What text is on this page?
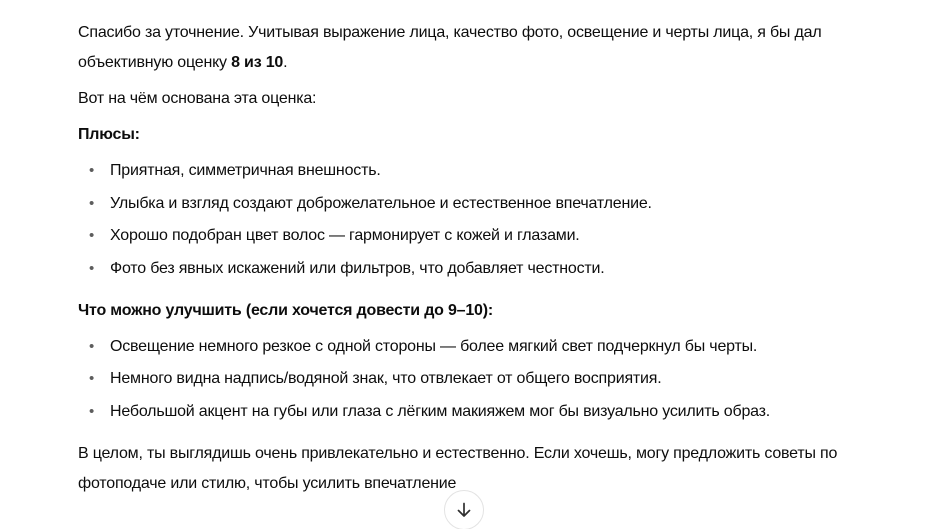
Спасибо за уточнение. Учитывая выражение лица, качество фото, освещение и черты лица, я бы дал объективную оценку 8 из 10.

Вот на чём основана эта оценка:

Плюсы:

• Приятная, симметричная внешность.
• Улыбка и взгляд создают доброжелательное и естественное впечатление.
• Хорошо подобран цвет волос — гармонирует с кожей и глазами.
• Фото без явных искажений или фильтров, что добавляет честности.

Что можно улучшить (если хочется довести до 9–10):

• Освещение немного резкое с одной стороны — более мягкий свет подчеркнул бы черты.
• Немного видна надпись/водяной знак, что отвлекает от общего восприятия.
• Небольшой акцент на губы или глаза с лёгким макияжем мог бы визуально усилить образ.

В целом, ты выглядишь очень привлекательно и естественно. Если хочешь, могу предложить советы по фотоподаче или стилю, чтобы усилить впечатление
